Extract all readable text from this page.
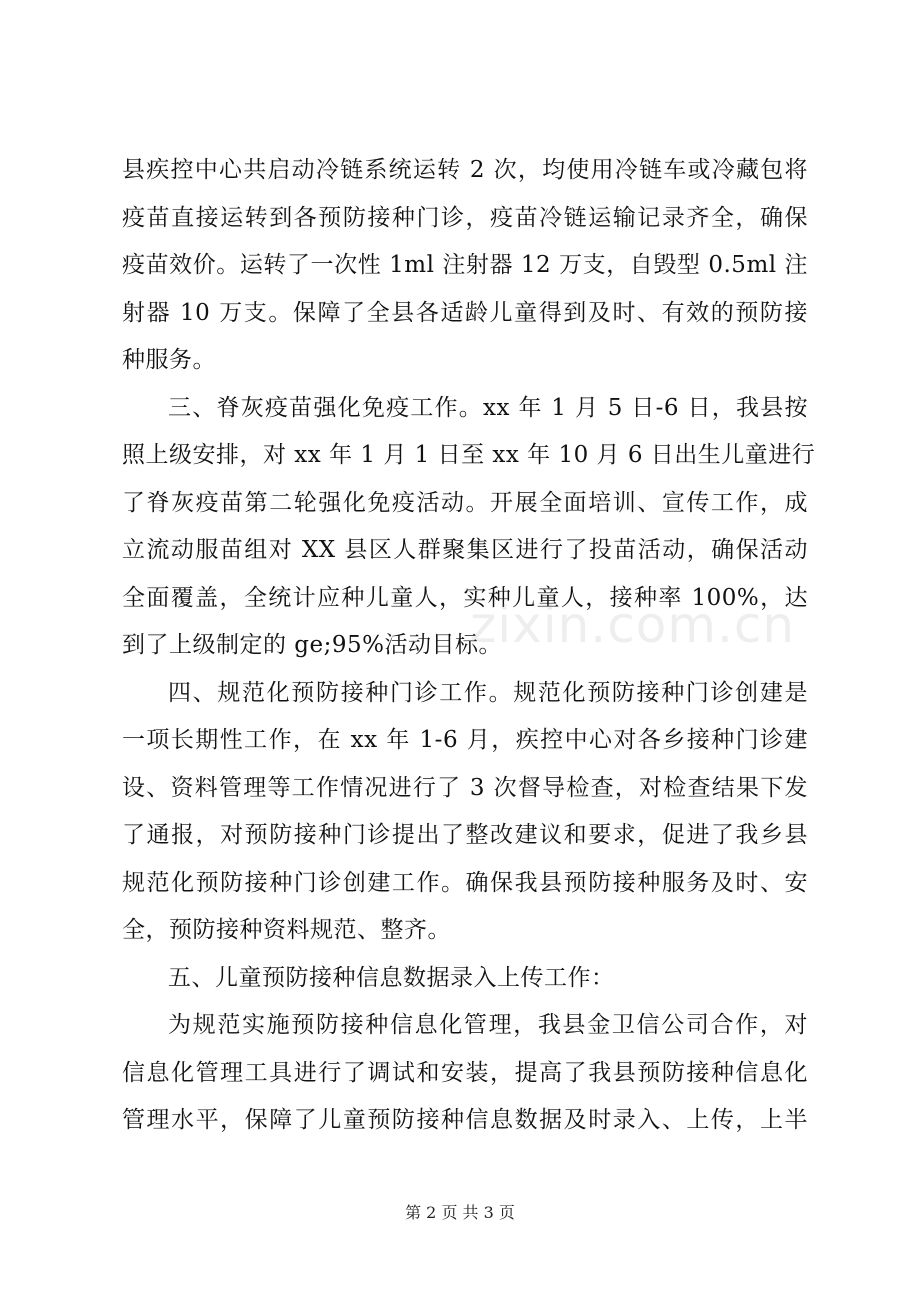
县疾控中心共启动冷链系统运转 2 次，均使用冷链车或冷藏包将
疫苗直接运转到各预防接种门诊，疫苗冷链运输记录齐全，确保
疫苗效价。运转了一次性 1ml 注射器 12 万支，自毁型 0.5ml 注
射器 10 万支。保障了全县各适龄儿童得到及时、有效的预防接
种服务。
三、脊灰疫苗强化免疫工作。xx 年 1 月 5 日-6 日，我县按
照上级安排，对 xx 年 1 月 1 日至 xx 年 10 月 6 日出生儿童进行
了脊灰疫苗第二轮强化免疫活动。开展全面培训、宣传工作，成
立流动服苗组对 XX 县区人群聚集区进行了投苗活动，确保活动
全面覆盖，全统计应种儿童人，实种儿童人，接种率 100%，达
到了上级制定的 ge;95%活动目标。
四、规范化预防接种门诊工作。规范化预防接种门诊创建是
一项长期性工作，在 xx 年 1-6 月，疾控中心对各乡接种门诊建
设、资料管理等工作情况进行了 3 次督导检查，对检查结果下发
了通报，对预防接种门诊提出了整改建议和要求，促进了我乡县
规范化预防接种门诊创建工作。确保我县预防接种服务及时、安
全，预防接种资料规范、整齐。
五、儿童预防接种信息数据录入上传工作：
为规范实施预防接种信息化管理，我县金卫信公司合作，对
信息化管理工具进行了调试和安装，提高了我县预防接种信息化
管理水平，保障了儿童预防接种信息数据及时录入、上传，上半
zixin.com.cn
第 2 页 共 3 页
